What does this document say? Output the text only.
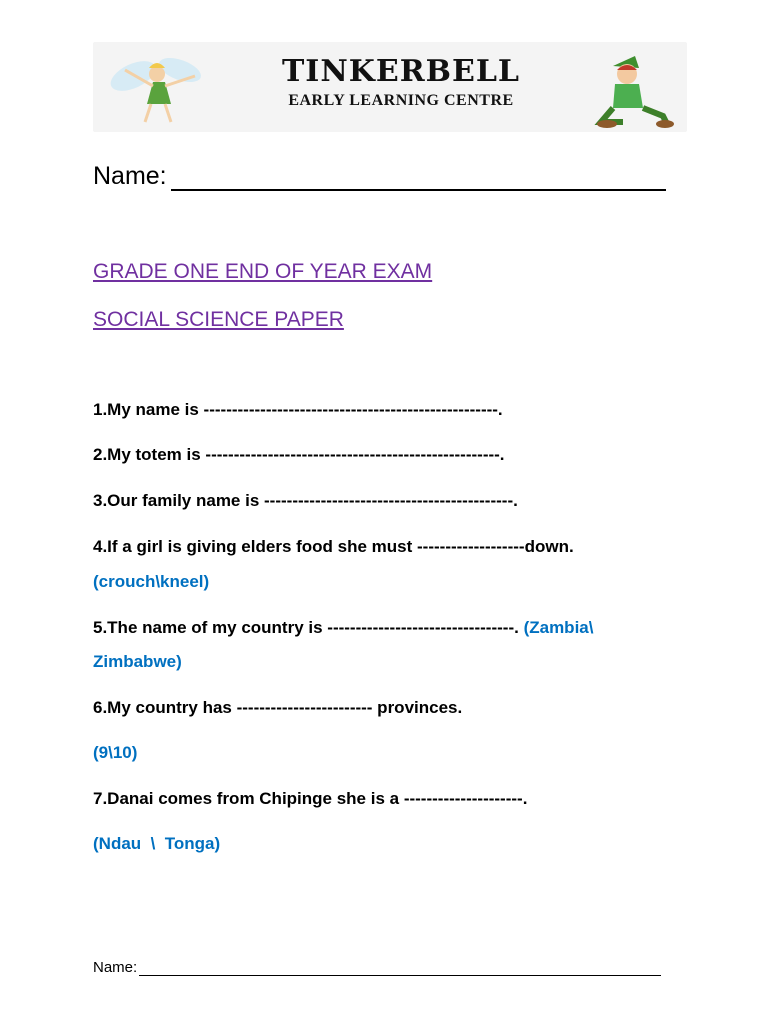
TINKERBELL
EARLY LEARNING CENTRE
Name:
GRADE ONE END OF YEAR EXAM
SOCIAL SCIENCE PAPER
1.My name is ----------------------------------------------------.
2.My totem is ----------------------------------------------------.
3.Our family name is --------------------------------------------.
4.If a girl is giving elders food she must -------------------down.
(crouch\kneel)
5.The name of my country is ---------------------------------. (Zambia\
Zimbabwe)
6.My country has ------------------------ provinces.
(9\10)
7.Danai comes from Chipinge she is a ---------------------.
(Ndau  \  Tonga)
Name:
